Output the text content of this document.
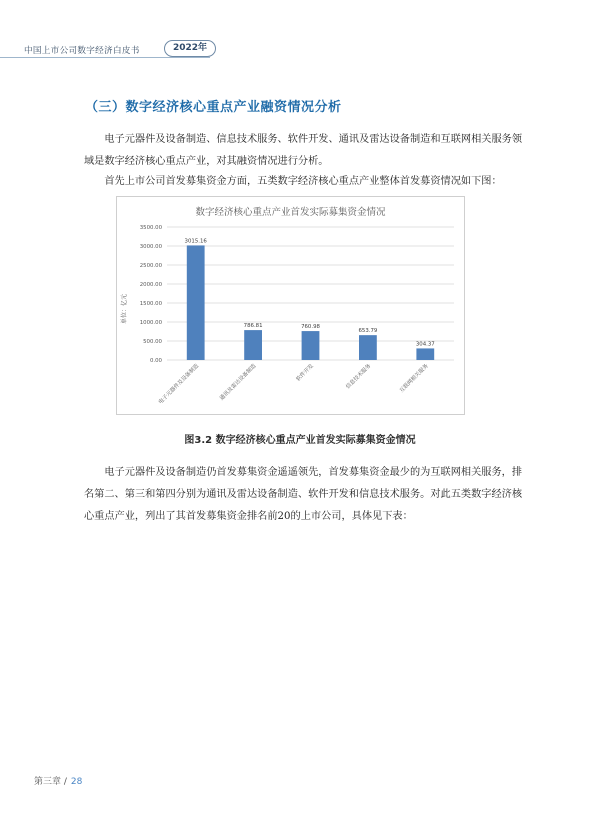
中国上市公司数字经济白皮书	2022年
（三）数字经济核心重点产业融资情况分析
　　电子元器件及设备制造、信息技术服务、软件开发、通讯及雷达设备制造和互联网相关服务领域是数字经济核心重点产业，对其融资情况进行分析。
　　首先上市公司首发募集资金方面，五类数字经济核心重点产业整体首发募资情况如下图：
数字经济核心重点产业首发实际募集资金情况
单位：亿元
0.00
500.00
1000.00
1500.00
2000.00
2500.00
3000.00
3500.00
3015.16
电子元器件及设备制造
786.81
通讯及雷达设备制造
760.98
软件开发
653.79
信息技术服务
304.37
互联网相关服务
图3.2 数字经济核心重点产业首发实际募集资金情况
　　电子元器件及设备制造仍首发募集资金遥遥领先，首发募集资金最少的为互联网相关服务，排名第二、第三和第四分别为通讯及雷达设备制造、软件开发和信息技术服务。对此五类数字经济核心重点产业，列出了其首发募集资金排名前20的上市公司，具体见下表：
第三章 / 28
